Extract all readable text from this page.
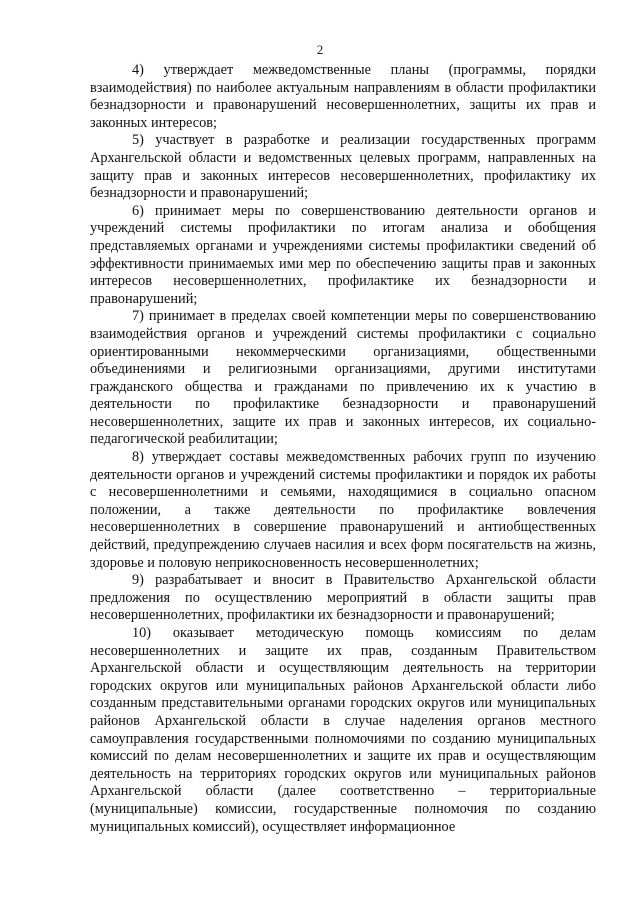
2

4) утверждает межведомственные планы (программы, порядки взаимодействия) по наиболее актуальным направлениям в области профилактики безнадзорности и правонарушений несовершеннолетних, защиты их прав и законных интересов;

5) участвует в разработке и реализации государственных программ Архангельской области и ведомственных целевых программ, направленных на защиту прав и законных интересов несовершеннолетних, профилактику их безнадзорности и правонарушений;

6) принимает меры по совершенствованию деятельности органов и учреждений системы профилактики по итогам анализа и обобщения представляемых органами и учреждениями системы профилактики сведений об эффективности принимаемых ими мер по обеспечению защиты прав и законных интересов несовершеннолетних, профилактике их безнадзорности и правонарушений;

7) принимает в пределах своей компетенции меры по совершенствованию взаимодействия органов и учреждений системы профилактики с социально ориентированными некоммерческими организациями, общественными объединениями и религиозными организациями, другими институтами гражданского общества и гражданами по привлечению их к участию в деятельности по профилактике безнадзорности и правонарушений несовершеннолетних, защите их прав и законных интересов, их социально-педагогической реабилитации;

8) утверждает составы межведомственных рабочих групп по изучению деятельности органов и учреждений системы профилактики и порядок их работы с несовершеннолетними и семьями, находящимися в социально опасном положении, а также деятельности по профилактике вовлечения несовершеннолетних в совершение правонарушений и антиобщественных действий, предупреждению случаев насилия и всех форм посягательств на жизнь, здоровье и половую неприкосновенность несовершеннолетних;

9) разрабатывает и вносит в Правительство Архангельской области предложения по осуществлению мероприятий в области защиты прав несовершеннолетних, профилактики их безнадзорности и правонарушений;

10) оказывает методическую помощь комиссиям по делам несовершеннолетних и защите их прав, созданным Правительством Архангельской области и осуществляющим деятельность на территории городских округов или муниципальных районов Архангельской области либо созданным представительными органами городских округов или муниципальных районов Архангельской области в случае наделения органов местного самоуправления государственными полномочиями по созданию муниципальных комиссий по делам несовершеннолетних и защите их прав и осуществляющим деятельность на территориях городских округов или муниципальных районов Архангельской области (далее соответственно – территориальные (муниципальные) комиссии, государственные полномочия по созданию муниципальных комиссий), осуществляет информационное
